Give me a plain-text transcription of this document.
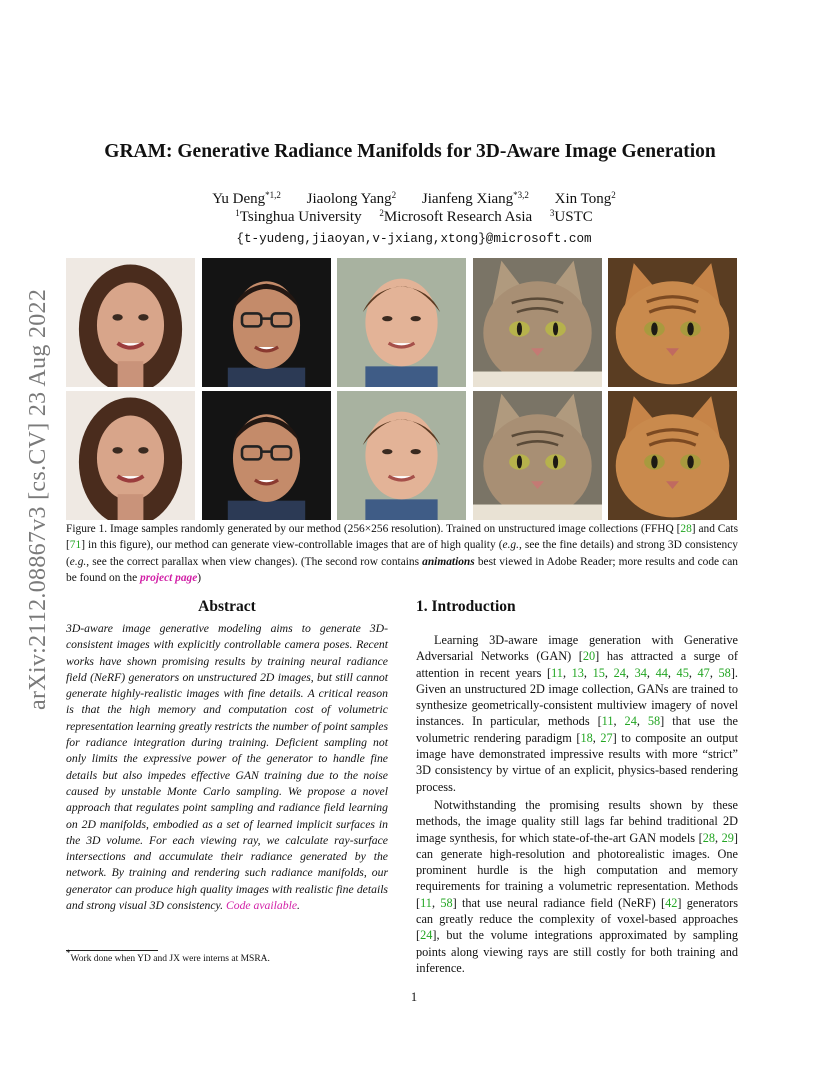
arXiv:2112.08867v3 [cs.CV] 23 Aug 2022
GRAM: Generative Radiance Manifolds for 3D-Aware Image Generation
Yu Deng$^{*1,2}$ Jiaolong Yang$^2$ Jianfeng Xiang$^{*3,2}$ Xin Tong$^2$
$^1$Tsinghua University $^2$Microsoft Research Asia $^3$USTC
{t-yudeng,jiaoyan,v-jxiang,xtong}@microsoft.com
Figure 1. Image samples randomly generated by our method (256×256 resolution). Trained on unstructured image collections (FFHQ [28] and Cats [71] in this figure), our method can generate view-controllable images that are of high quality (e.g., see the fine details) and strong 3D consistency (e.g., see the correct parallax when view changes). (The second row contains animations best viewed in Adobe Reader; more results and code can be found on the project page)
Abstract
3D-aware image generative modeling aims to generate 3D-consistent images with explicitly controllable camera poses. Recent works have shown promising results by training neural radiance field (NeRF) generators on unstructured 2D images, but still cannot generate highly-realistic images with fine details. A critical reason is that the high memory and computation cost of volumetric representation learning greatly restricts the number of point samples for radiance integration during training. Deficient sampling not only limits the expressive power of the generator to handle fine details but also impedes effective GAN training due to the noise caused by unstable Monte Carlo sampling. We propose a novel approach that regulates point sampling and radiance field learning on 2D manifolds, embodied as a set of learned implicit surfaces in the 3D volume. For each viewing ray, we calculate ray-surface intersections and accumulate their radiance generated by the network. By training and rendering such radiance manifolds, our generator can produce high quality images with realistic fine details and strong visual 3D consistency. Code available.
*Work done when YD and JX were interns at MSRA.
1. Introduction
Learning 3D-aware image generation with Generative Adversarial Networks (GAN) [20] has attracted a surge of attention in recent years [11, 13, 15, 24, 34, 44, 45, 47, 58]. Given an unstructured 2D image collection, GANs are trained to synthesize geometrically-consistent multiview imagery of novel instances. In particular, methods [11, 24, 58] that use the volumetric rendering paradigm [18, 27] to composite an output image have demonstrated impressive results with more “strict” 3D consistency by virtue of an explicit, physics-based rendering process.
Notwithstanding the promising results shown by these methods, the image quality still lags far behind traditional 2D image synthesis, for which state-of-the-art GAN models [28, 29] can generate high-resolution and photorealistic images. One prominent hurdle is the high computation and memory requirements for training a volumetric representation. Methods [11, 58] that use neural radiance field (NeRF) [42] generators can greatly reduce the complexity of voxel-based approaches [24], but the volume integrations approximated by sampling points along viewing rays are still costly for both training and inference.
1
